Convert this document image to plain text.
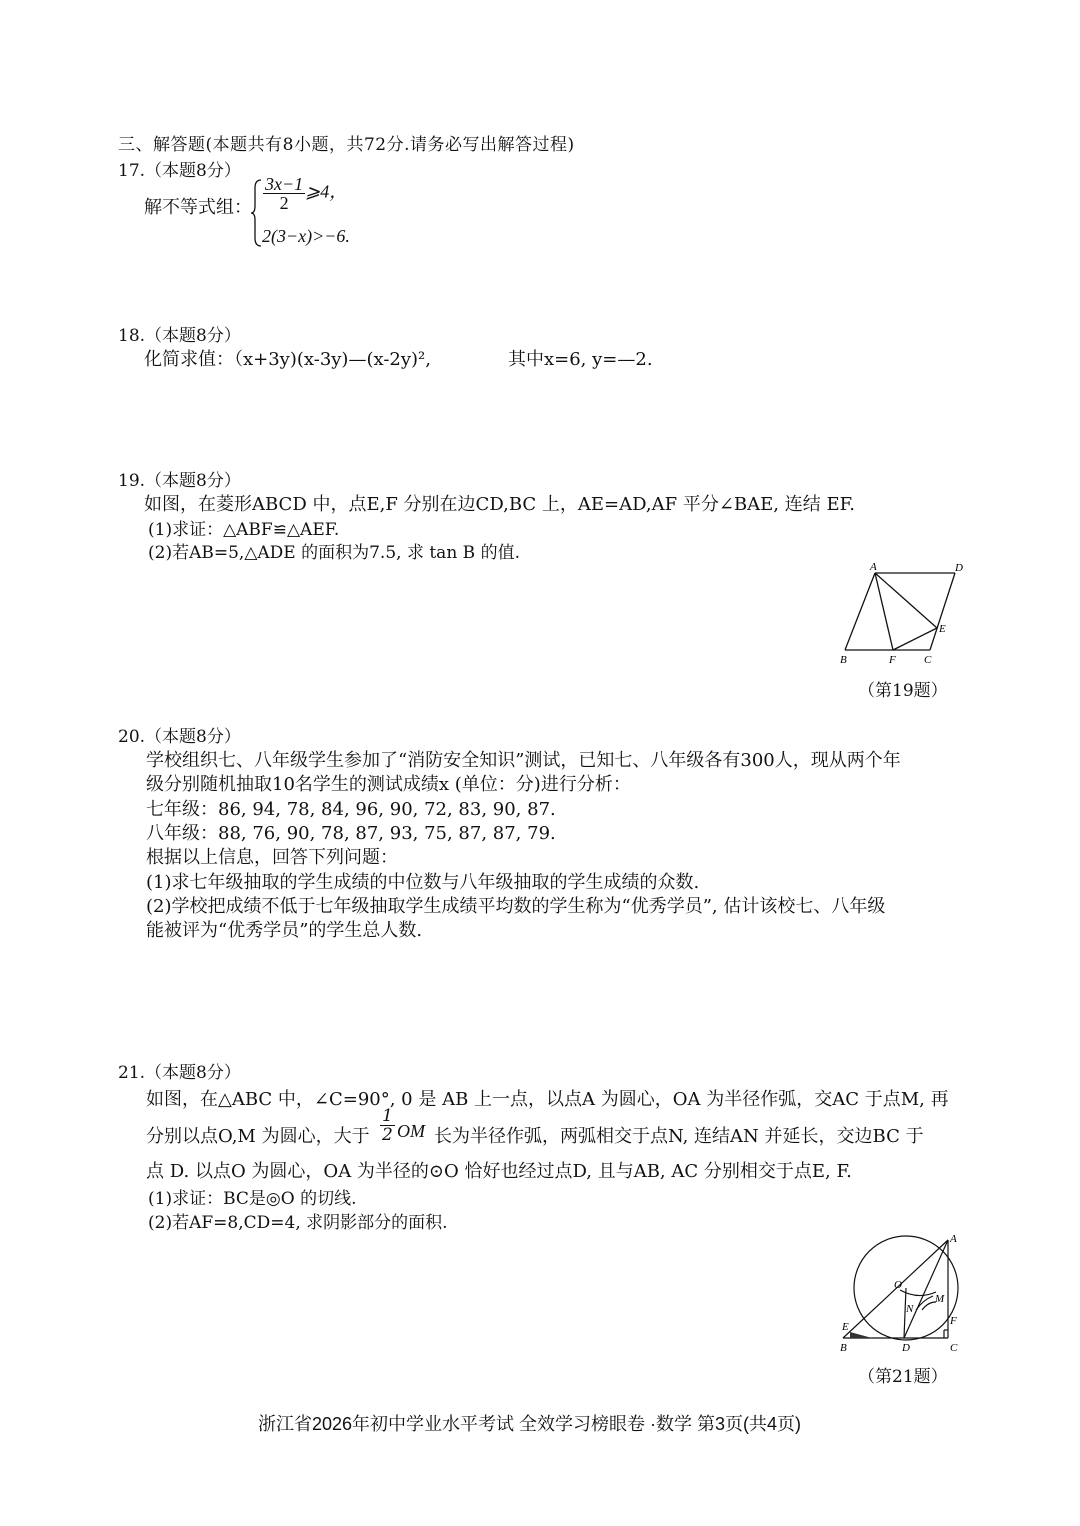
三、解答题(本题共有8小题，共72分.请务必写出解答过程)
17.（本题8分）
解不等式组： $\frac{3x-1}{2}$ ⩾4，
2(3−x)>−6.
18.（本题8分）
化简求值：（x+3y)(x-3y)—(x-2y)²,	其中x=6, y=—2.
19.（本题8分）
如图，在菱形ABCD 中，点E,F 分别在边CD,BC 上，AE=AD,AF 平分∠BAE, 连结 EF.
(1)求证：△ABF≌△AEF.
(2)若AB=5,△ADE 的面积为7.5, 求 tan B 的值.
A	D
E
B	F	C
（第19题）
20.（本题8分）
学校组织七、八年级学生参加了“消防安全知识”测试，已知七、八年级各有300人，现从两个年
级分别随机抽取10名学生的测试成绩x (单位：分)进行分析：
七年级：86, 94, 78, 84, 96, 90, 72, 83, 90, 87.
八年级：88, 76, 90, 78, 87, 93, 75, 87, 87, 79.
根据以上信息，回答下列问题：
(1)求七年级抽取的学生成绩的中位数与八年级抽取的学生成绩的众数.
(2)学校把成绩不低于七年级抽取学生成绩平均数的学生称为“优秀学员”, 估计该校七、八年级
能被评为“优秀学员”的学生总人数.
21.（本题8分）
如图，在△ABC 中，∠C=90°, 0 是 AB 上一点，以点A 为圆心，OA 为半径作弧，交AC 于点M, 再
分别以点O,M 为圆心，大于 $\frac{1}{2}$ OM 长为半径作弧，两弧相交于点N, 连结AN 并延长，交边BC 于
点 D. 以点O 为圆心，OA 为半径的⊙O 恰好也经过点D, 且与AB, AC 分别相交于点E, F.
(1)求证：BC是◎O 的切线.
(2)若AF=8,CD=4, 求阴影部分的面积.
A
O
N
M
E	F
B	D	C
（第21题）
浙江省2026年初中学业水平考试 全效学习榜眼卷 ·数学 第3页(共4页)
